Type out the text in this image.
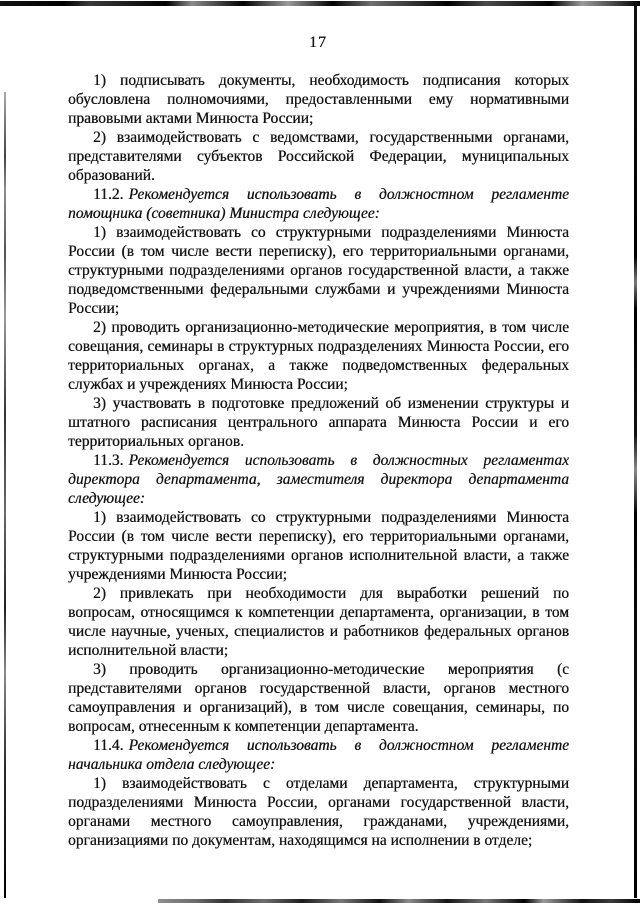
17

1) подписывать документы, необходимость подписания которых обусловлена полномочиями, предоставленными ему нормативными правовыми актами Минюста России;

2) взаимодействовать с ведомствами, государственными органами, представителями субъектов Российской Федерации, муниципальных образований.

11.2. Рекомендуется использовать в должностном регламенте помощника (советника) Министра следующее:

1) взаимодействовать со структурными подразделениями Минюста России (в том числе вести переписку), его территориальными органами, структурными подразделениями органов государственной власти, а также подведомственными федеральными службами и учреждениями Минюста России;

2) проводить организационно-методические мероприятия, в том числе совещания, семинары в структурных подразделениях Минюста России, его территориальных органах, а также подведомственных федеральных службах и учреждениях Минюста России;

3) участвовать в подготовке предложений об изменении структуры и штатного расписания центрального аппарата Минюста России и его территориальных органов.

11.3. Рекомендуется использовать в должностных регламентах директора департамента, заместителя директора департамента следующее:

1) взаимодействовать со структурными подразделениями Минюста России (в том числе вести переписку), его территориальными органами, структурными подразделениями органов исполнительной власти, а также учреждениями Минюста России;

2) привлекать при необходимости для выработки решений по вопросам, относящимся к компетенции департамента, организации, в том числе научные, ученых, специалистов и работников федеральных органов исполнительной власти;

3) проводить организационно-методические мероприятия (с представителями органов государственной власти, органов местного самоуправления и организаций), в том числе совещания, семинары, по вопросам, отнесенным к компетенции департамента.

11.4. Рекомендуется использовать в должностном регламенте начальника отдела следующее:

1) взаимодействовать с отделами департамента, структурными подразделениями Минюста России, органами государственной власти, органами местного самоуправления, гражданами, учреждениями, организациями по документам, находящимся на исполнении в отделе;
